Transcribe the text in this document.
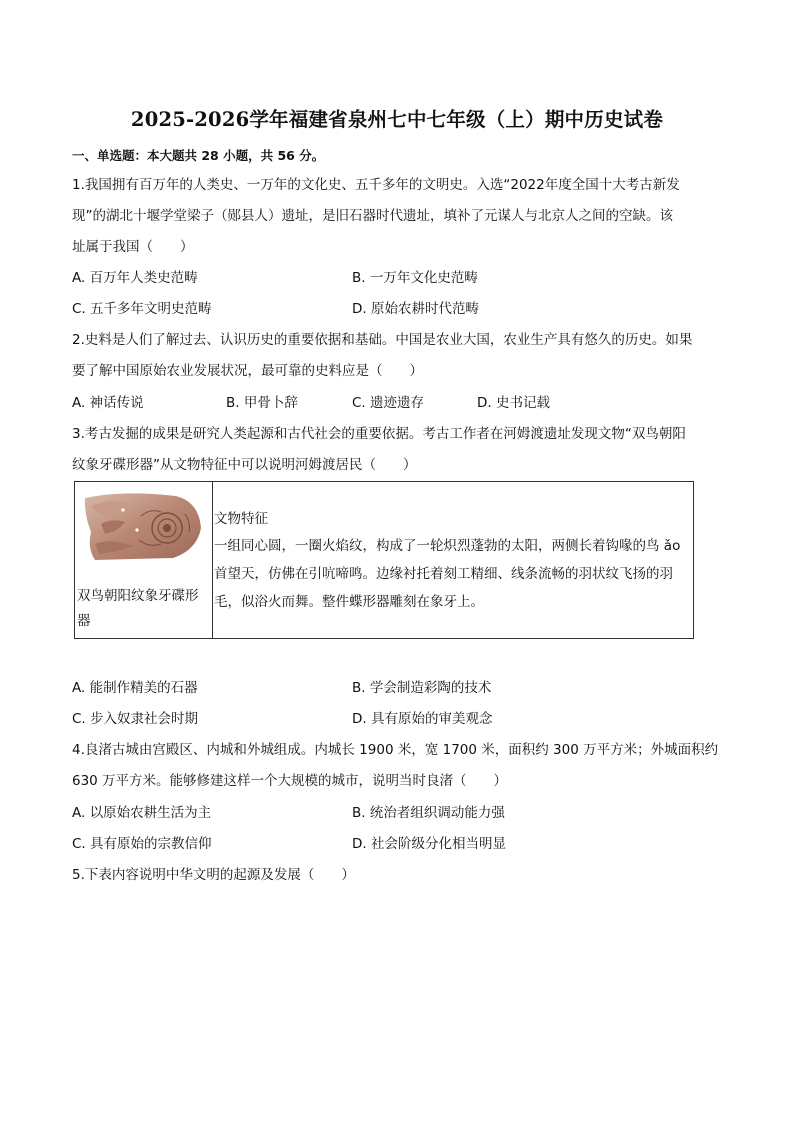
2025-2026学年福建省泉州七中七年级（上）期中历史试卷
一、单选题：本大题共 28 小题，共 56 分。
1.我国拥有百万年的人类史、一万年的文化史、五千多年的文明史。入选“2022年度全国十大考古新发
现”的湖北十堰学堂梁子（郧县人）遗址，是旧石器时代遗址，填补了元谋人与北京人之间的空缺。该
址属于我国（　　）
A. 百万年人类史范畴	B. 一万年文化史范畴
C. 五千多年文明史范畴	D. 原始农耕时代范畴
2.史料是人们了解过去、认识历史的重要依据和基础。中国是农业大国，农业生产具有悠久的历史。如果
要了解中国原始农业发展状况，最可靠的史料应是（　　）
A. 神话传说	B. 甲骨卜辞	C. 遗迹遗存	D. 史书记载
3.考古发掘的成果是研究人类起源和古代社会的重要依据。考古工作者在河姆渡遗址发现文物“双鸟朝阳
纹象牙碟形器”从文物特征中可以说明河姆渡居民（　　）
双鸟朝阳纹象牙碟形器
文物特征
一组同心圆，一圈火焰纹，构成了一轮炽烈蓬勃的太阳，两侧长着钩喙的鸟 ǎo首望天，仿佛在引吭啼鸣。边缘衬托着刻工精细、线条流畅的羽状纹飞扬的羽毛，似浴火而舞。整件蝶形器雕刻在象牙上。
A. 能制作精美的石器	B. 学会制造彩陶的技术
C. 步入奴隶社会时期	D. 具有原始的审美观念
4.良渚古城由宫殿区、内城和外城组成。内城长 1900 米，宽 1700 米，面积约 300 万平方米；外城面积约
630 万平方米。能够修建这样一个大规模的城市，说明当时良渚（　　）
A. 以原始农耕生活为主	B. 统治者组织调动能力强
C. 具有原始的宗教信仰	D. 社会阶级分化相当明显
5.下表内容说明中华文明的起源及发展（　　）
